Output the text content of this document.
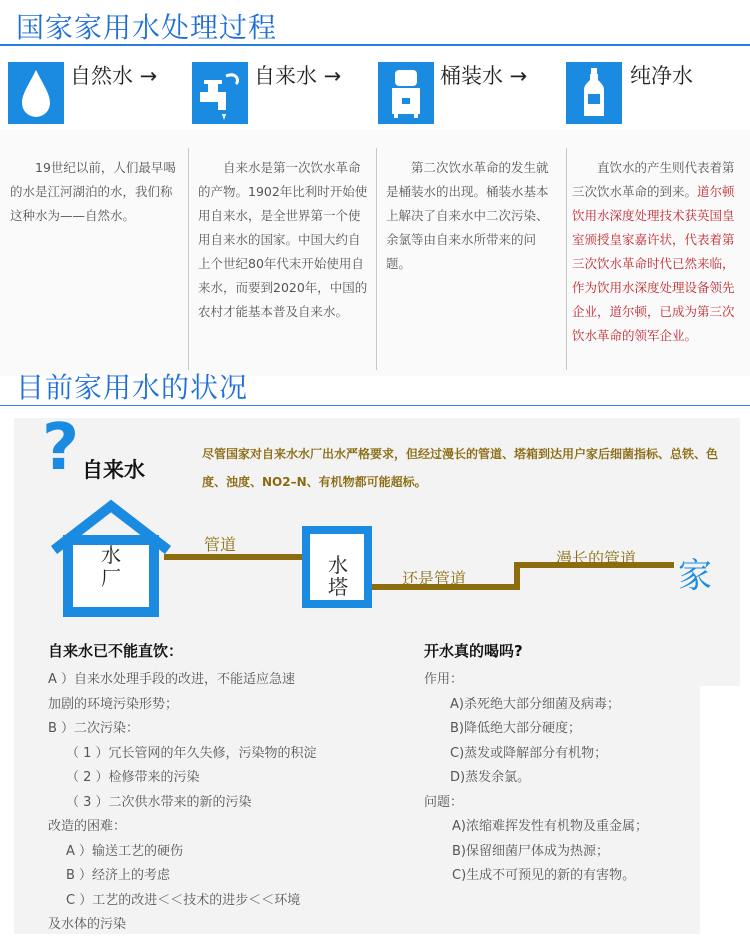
国家家用水处理过程
自然水 →	自来水 →	桶装水 →	纯净水

19世纪以前，人们最早喝的水是江河湖泊的水，我们称这种水为——自然水。

自来水是第一次饮水革命的产物。1902年比利时开始使用自来水，是全世界第一个使用自来水的国家。中国大约自上个世纪80年代末开始使用自来水，而要到2020年，中国的农村才能基本普及自来水。

第二次饮水革命的发生就是桶装水的出现。桶装水基本上解决了自来水中二次污染、余氯等由自来水所带来的问题。

直饮水的产生则代表着第三次饮水革命的到来。道尔顿饮用水深度处理技术获英国皇室颁授皇家嘉许状，代表着第三次饮水革命时代已然来临，作为饮用水深度处理设备领先企业，道尔顿，已成为第三次饮水革命的领军企业。

目前家用水的状况
? 自来水
尽管国家对自来水水厂出水严格要求，但经过漫长的管道、塔箱到达用户家后细菌指标、总铁、色度、浊度、NO2–N、有机物都可能超标。
水
厂
水
塔
管道
还是管道
漫长的管道 家
自来水已不能直饮：
A ）自来水处理手段的改进，不能适应急速
加剧的环境污染形势；
B ）二次污染：
（ 1 ）冗长管网的年久失修，污染物的积淀
（ 2 ）检修带来的污染
（ 3 ）二次供水带来的新的污染
改造的困难：
A ）输送工艺的硬伤
B ）经济上的考虑
C ）工艺的改进＜＜技术的进步＜＜环境
及水体的污染
开水真的喝吗?
作用：
A)杀死绝大部分细菌及病毒；
B)降低绝大部分硬度；
C)蒸发或降解部分有机物；
D)蒸发余氯。
问题：
A)浓缩难挥发性有机物及重金属；
B)保留细菌尸体成为热源；
C)生成不可预见的新的有害物。
